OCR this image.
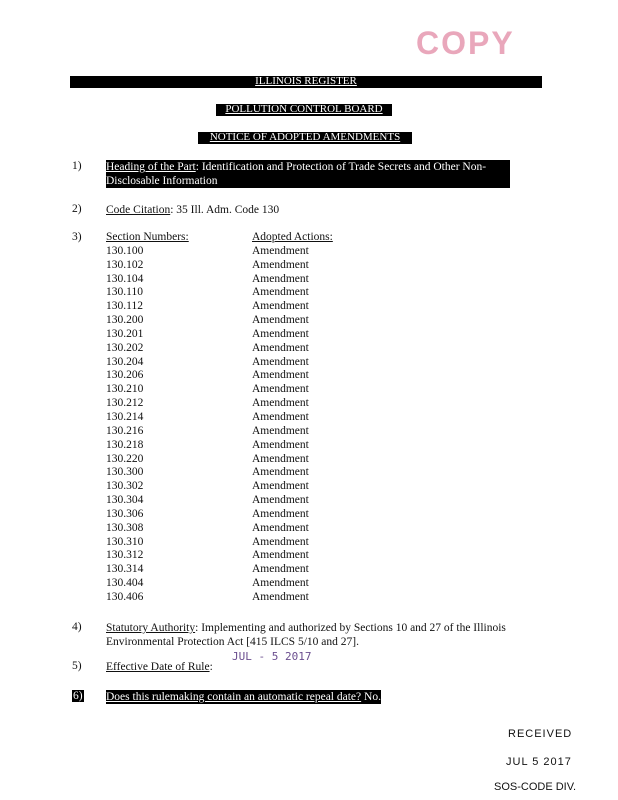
COPY
ILLINOIS REGISTER
POLLUTION CONTROL BOARD
NOTICE OF ADOPTED AMENDMENTS
1) Heading of the Part: Identification and Protection of Trade Secrets and Other Non-Disclosable Information
2) Code Citation: 35 Ill. Adm. Code 130
3) Section Numbers:	Adopted Actions:
130.100	Amendment
130.102	Amendment
130.104	Amendment
130.110	Amendment
130.112	Amendment
130.200	Amendment
130.201	Amendment
130.202	Amendment
130.204	Amendment
130.206	Amendment
130.210	Amendment
130.212	Amendment
130.214	Amendment
130.216	Amendment
130.218	Amendment
130.220	Amendment
130.300	Amendment
130.302	Amendment
130.304	Amendment
130.306	Amendment
130.308	Amendment
130.310	Amendment
130.312	Amendment
130.314	Amendment
130.404	Amendment
130.406	Amendment
4) Statutory Authority: Implementing and authorized by Sections 10 and 27 of the Illinois Environmental Protection Act [415 ILCS 5/10 and 27].
5) Effective Date of Rule:
JUL - 5 2017
6) Does this rulemaking contain an automatic repeal date? No.
RECEIVED
JUL 5 2017
SOS-CODE DIV.
